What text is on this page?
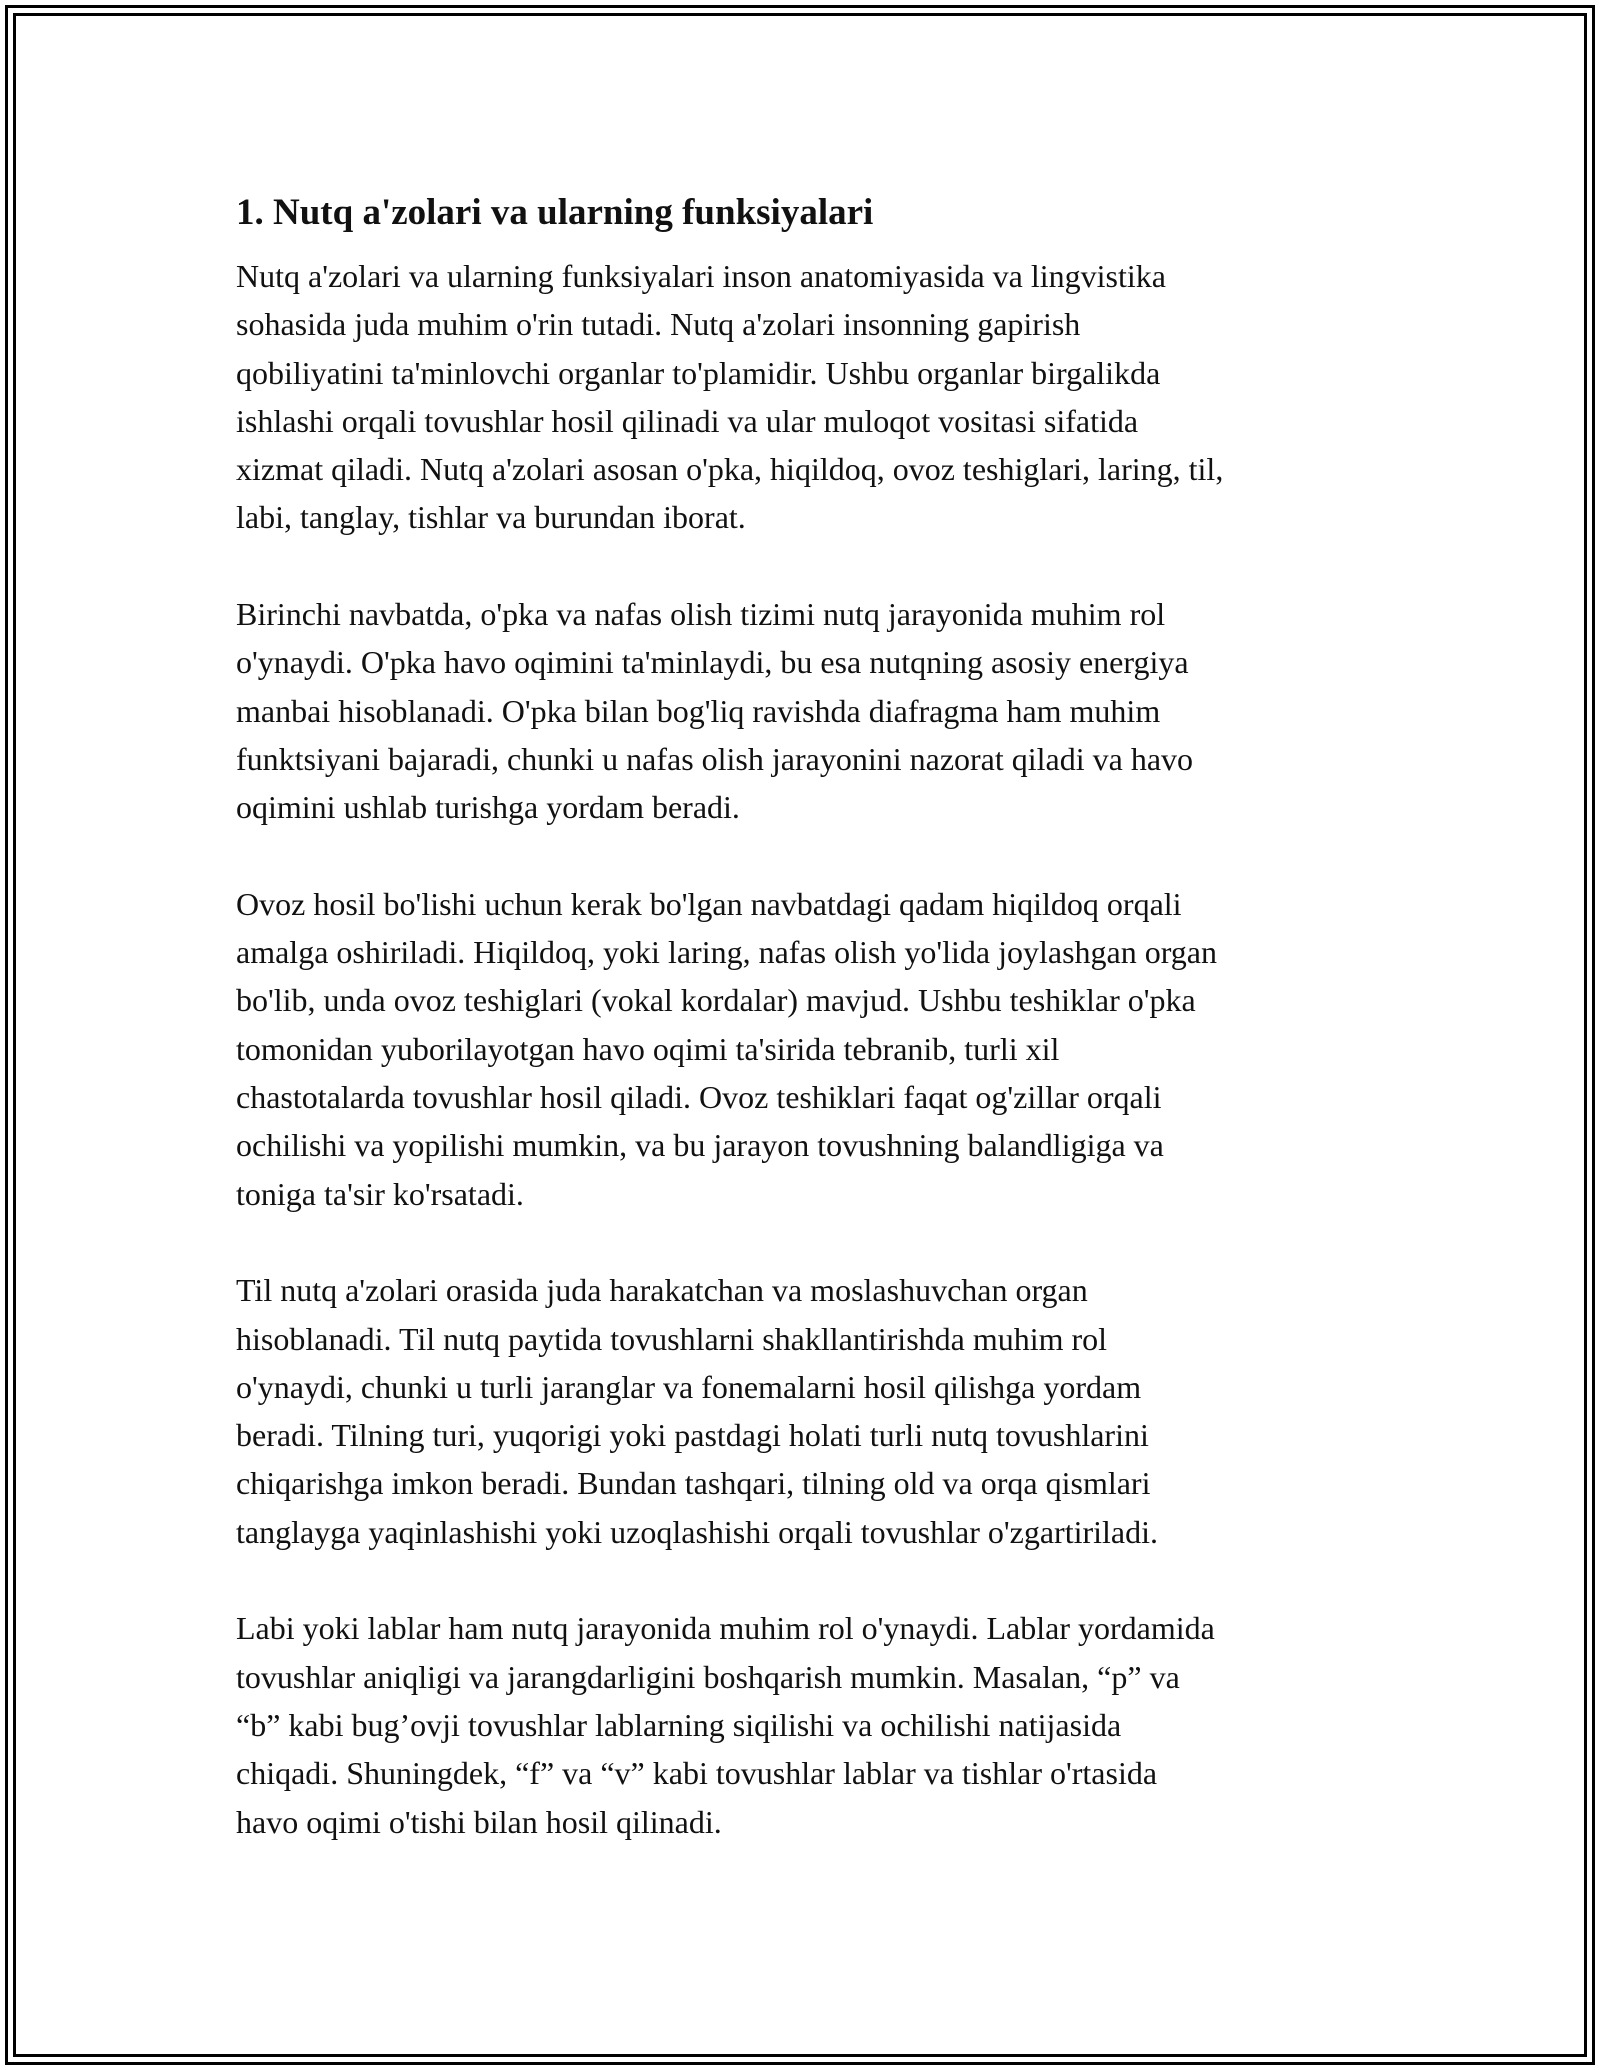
1. Nutq a'zolari va ularning funksiyalari

Nutq a'zolari va ularning funksiyalari inson anatomiyasida va lingvistika
sohasida juda muhim o'rin tutadi. Nutq a'zolari insonning gapirish
qobiliyatini ta'minlovchi organlar to'plamidir. Ushbu organlar birgalikda
ishlashi orqali tovushlar hosil qilinadi va ular muloqot vositasi sifatida
xizmat qiladi. Nutq a'zolari asosan o'pka, hiqildoq, ovoz teshiglari, laring, til,
labi, tanglay, tishlar va burundan iborat.

Birinchi navbatda, o'pka va nafas olish tizimi nutq jarayonida muhim rol
o'ynaydi. O'pka havo oqimini ta'minlaydi, bu esa nutqning asosiy energiya
manbai hisoblanadi. O'pka bilan bog'liq ravishda diafragma ham muhim
funktsiyani bajaradi, chunki u nafas olish jarayonini nazorat qiladi va havo
oqimini ushlab turishga yordam beradi.

Ovoz hosil bo'lishi uchun kerak bo'lgan navbatdagi qadam hiqildoq orqali
amalga oshiriladi. Hiqildoq, yoki laring, nafas olish yo'lida joylashgan organ
bo'lib, unda ovoz teshiglari (vokal kordalar) mavjud. Ushbu teshiklar o'pka
tomonidan yuborilayotgan havo oqimi ta'sirida tebranib, turli xil
chastotalarda tovushlar hosil qiladi. Ovoz teshiklari faqat og'zillar orqali
ochilishi va yopilishi mumkin, va bu jarayon tovushning balandligiga va
toniga ta'sir ko'rsatadi.

Til nutq a'zolari orasida juda harakatchan va moslashuvchan organ
hisoblanadi. Til nutq paytida tovushlarni shakllantirishda muhim rol
o'ynaydi, chunki u turli jaranglar va fonemalarni hosil qilishga yordam
beradi. Tilning turi, yuqorigi yoki pastdagi holati turli nutq tovushlarini
chiqarishga imkon beradi. Bundan tashqari, tilning old va orqa qismlari
tanglayga yaqinlashishi yoki uzoqlashishi orqali tovushlar o'zgartiriladi.

Labi yoki lablar ham nutq jarayonida muhim rol o'ynaydi. Lablar yordamida
tovushlar aniqligi va jarangdarligini boshqarish mumkin. Masalan, “p” va
“b” kabi bug’ovji tovushlar lablarning siqilishi va ochilishi natijasida
chiqadi. Shuningdek, “f” va “v” kabi tovushlar lablar va tishlar o'rtasida
havo oqimi o'tishi bilan hosil qilinadi.
